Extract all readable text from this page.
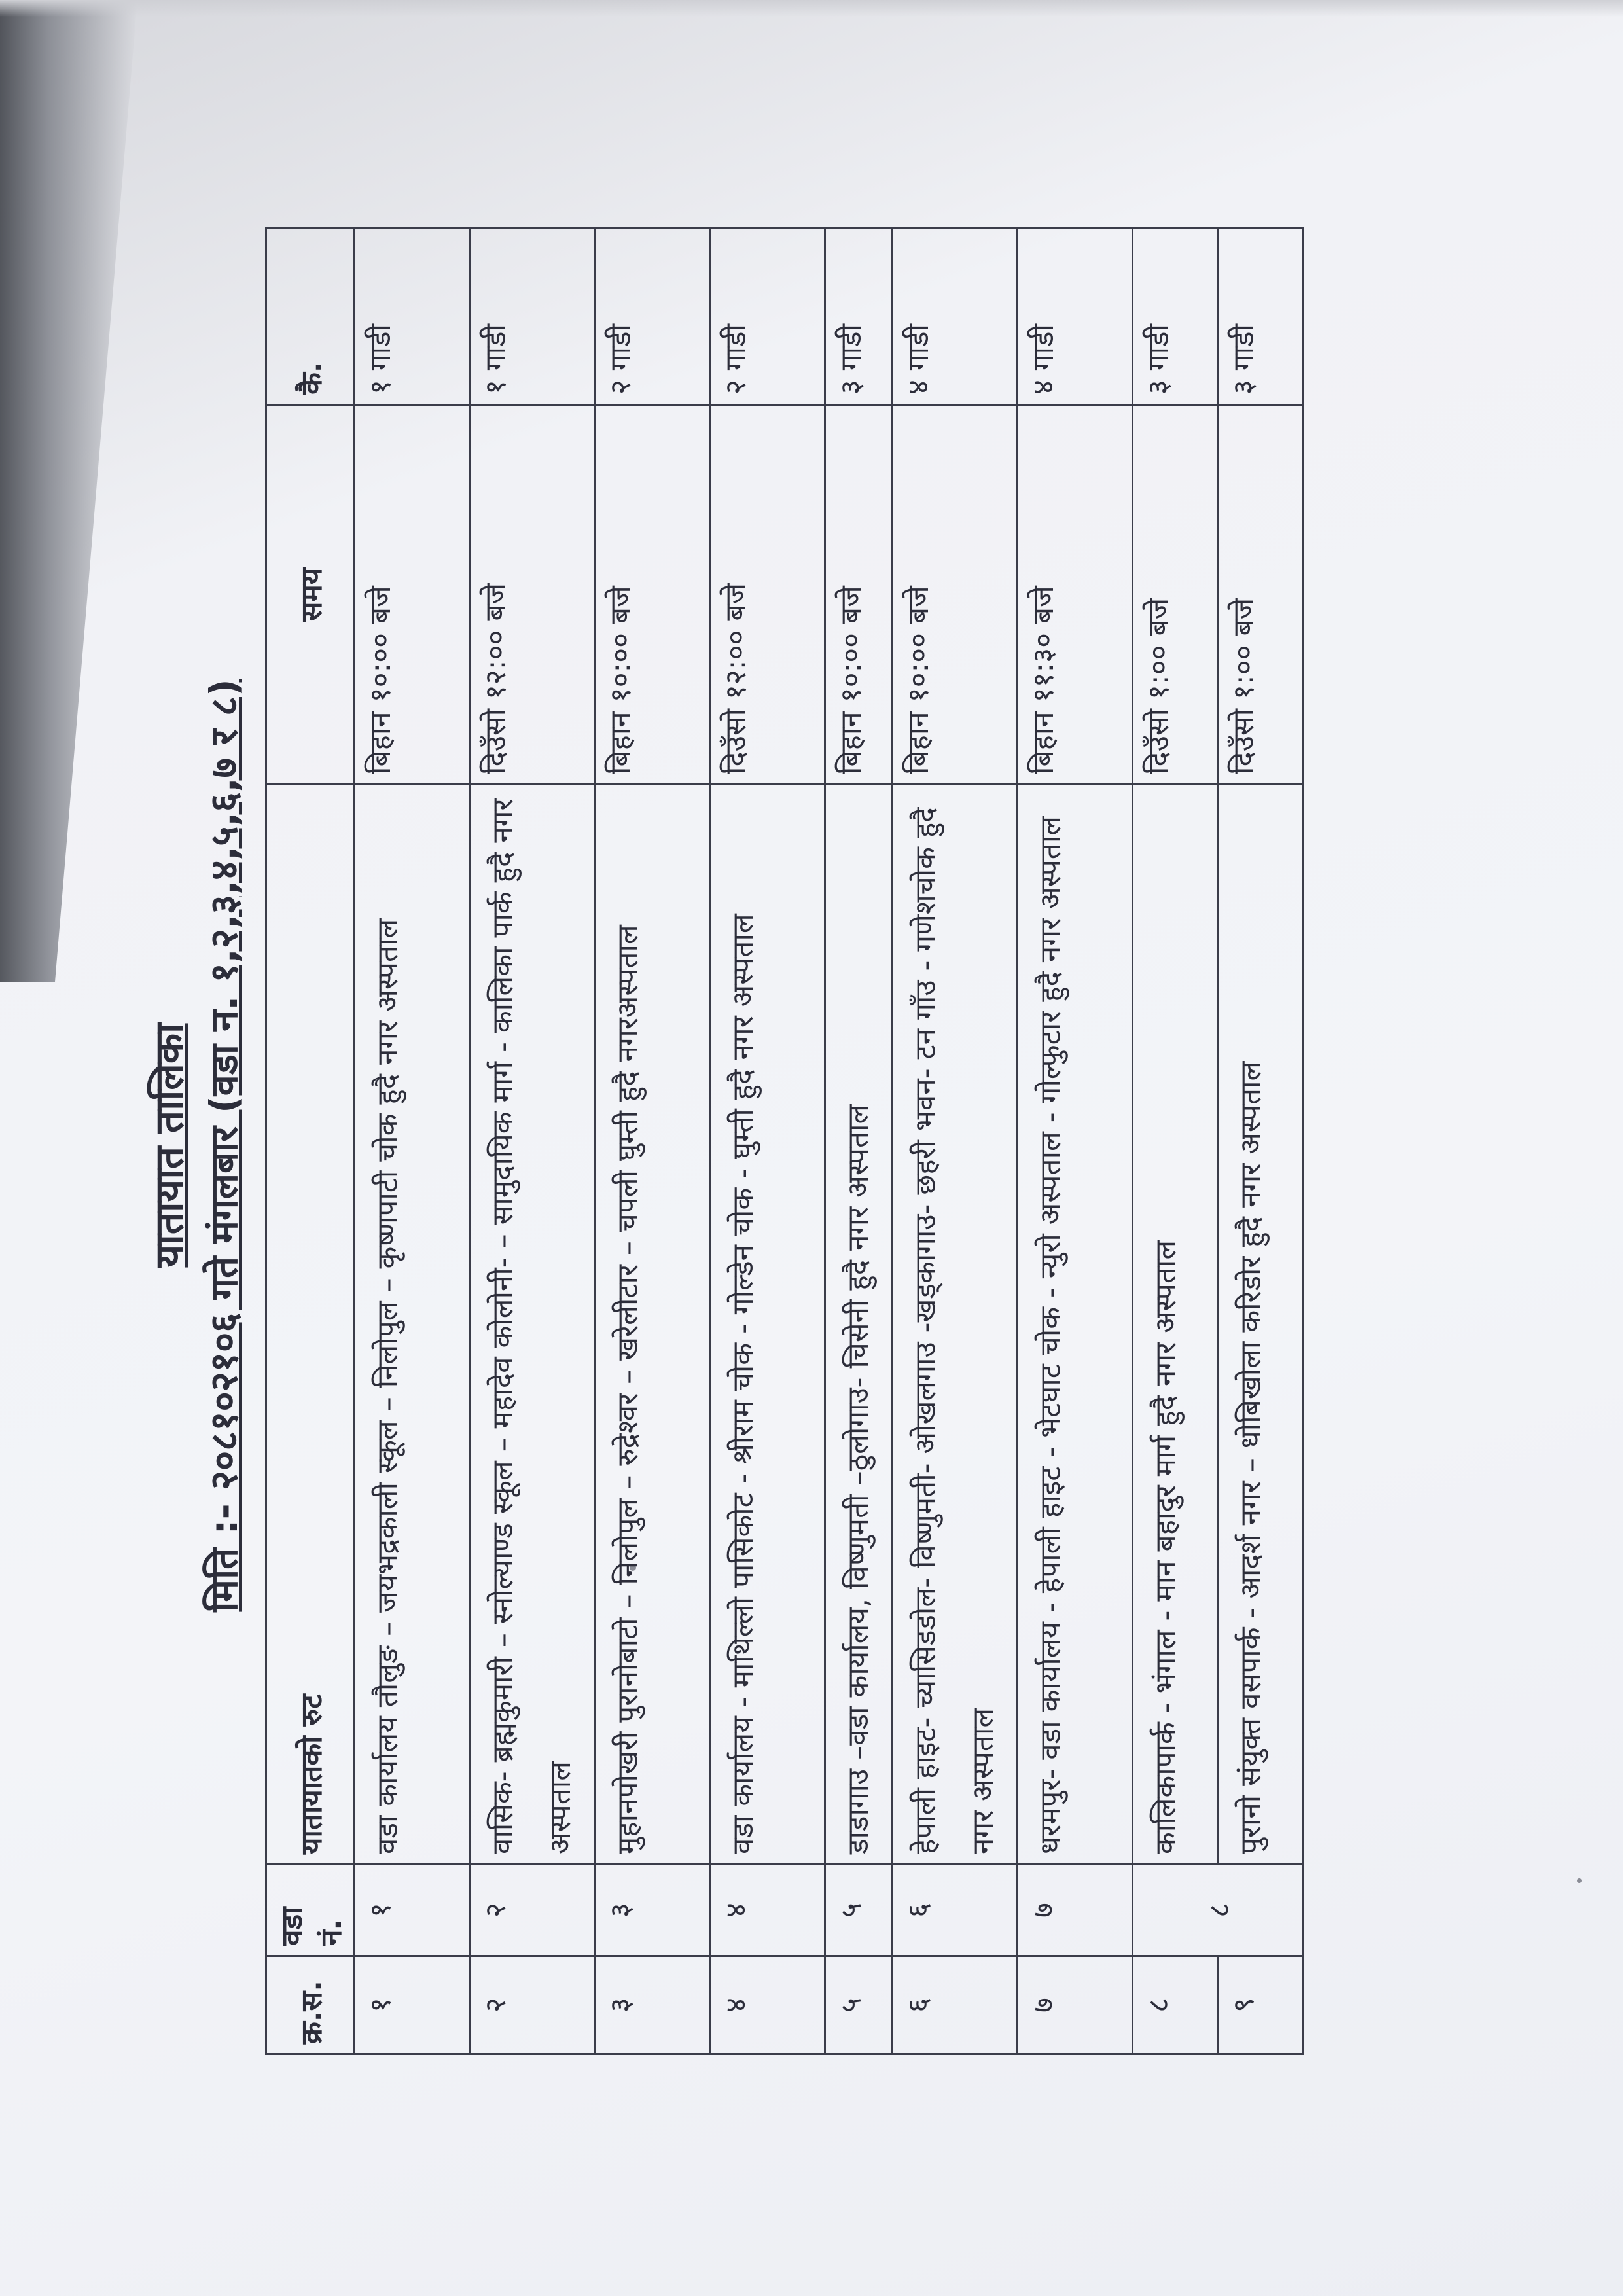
यातायात तालिका मिति :- २०८१०२१०६ गते मंगलबार (वडा न. १,२,३,४,५,६,७ र ८)
क्र.स.	वडा नं.	यातायातको रुट	समय	कै.
१	१	वडा कार्यालय तौलुङ – जयभद्रकाली स्कूल – निलोपुल – कृष्णपाटी चोक हुदै नगर अस्पताल	बिहान १०:०० बजे	१ गाडी
२	२	वासिक- ब्रह्मकुमारी – स्नोल्याण्ड स्कूल – महादेव कोलोनी- – सामुदायिक मार्ग - कालिका पार्क हुदै नगर अस्पताल	दिउँसो १२:०० बजे	१ गाडी
३	३	मुहानपोखरी पुरानोबाटो – निलोपुल – रुद्रेश्वर – खरेलीटार – चपली घुम्ती हुदै नगरअस्पताल	बिहान १०:०० बजे	२ गाडी
४	४	वडा कार्यालय - माथिल्लो पासिकोट - श्रीराम चोक - गोल्डेन चोक - घुम्ती हुदै नगर अस्पताल	दिउँसो १२:०० बजे	२ गाडी
५	५	डाडागाउ –वडा कार्यालय, विष्णुमती –ठुलोगाउ- चिसेनी हुदै नगर अस्पताल	बिहान १०:०० बजे	३ गाडी
६	६	हेपाली हाइट- च्यासिडडोल- विष्णुमती- ओखलगाउ -खड्कागाउ- छहरी भवन- टन गाँउ - गणेशचोक हुदै नगर अस्पताल	बिहान १०:०० बजे	४ गाडी
७	७	धरमपुर- वडा कार्यालय - हेपाली हाइट - भेटघाट चोक - न्युरो अस्पताल - गोल्फुटार हुदै नगर अस्पताल	बिहान ११:३० बजे	४ गाडी
८	८	कालिकापार्क - भंगाल - मान बहादुर मार्ग हुदै नगर अस्पताल	दिउँसो १:०० बजे	३ गाडी
९		पुरानो संयुक्त वसपार्क - आदर्श नगर – धोबिखोला करिडोर हुदै नगर अस्पताल	दिउँसो १:०० बजे	३ गाडी
